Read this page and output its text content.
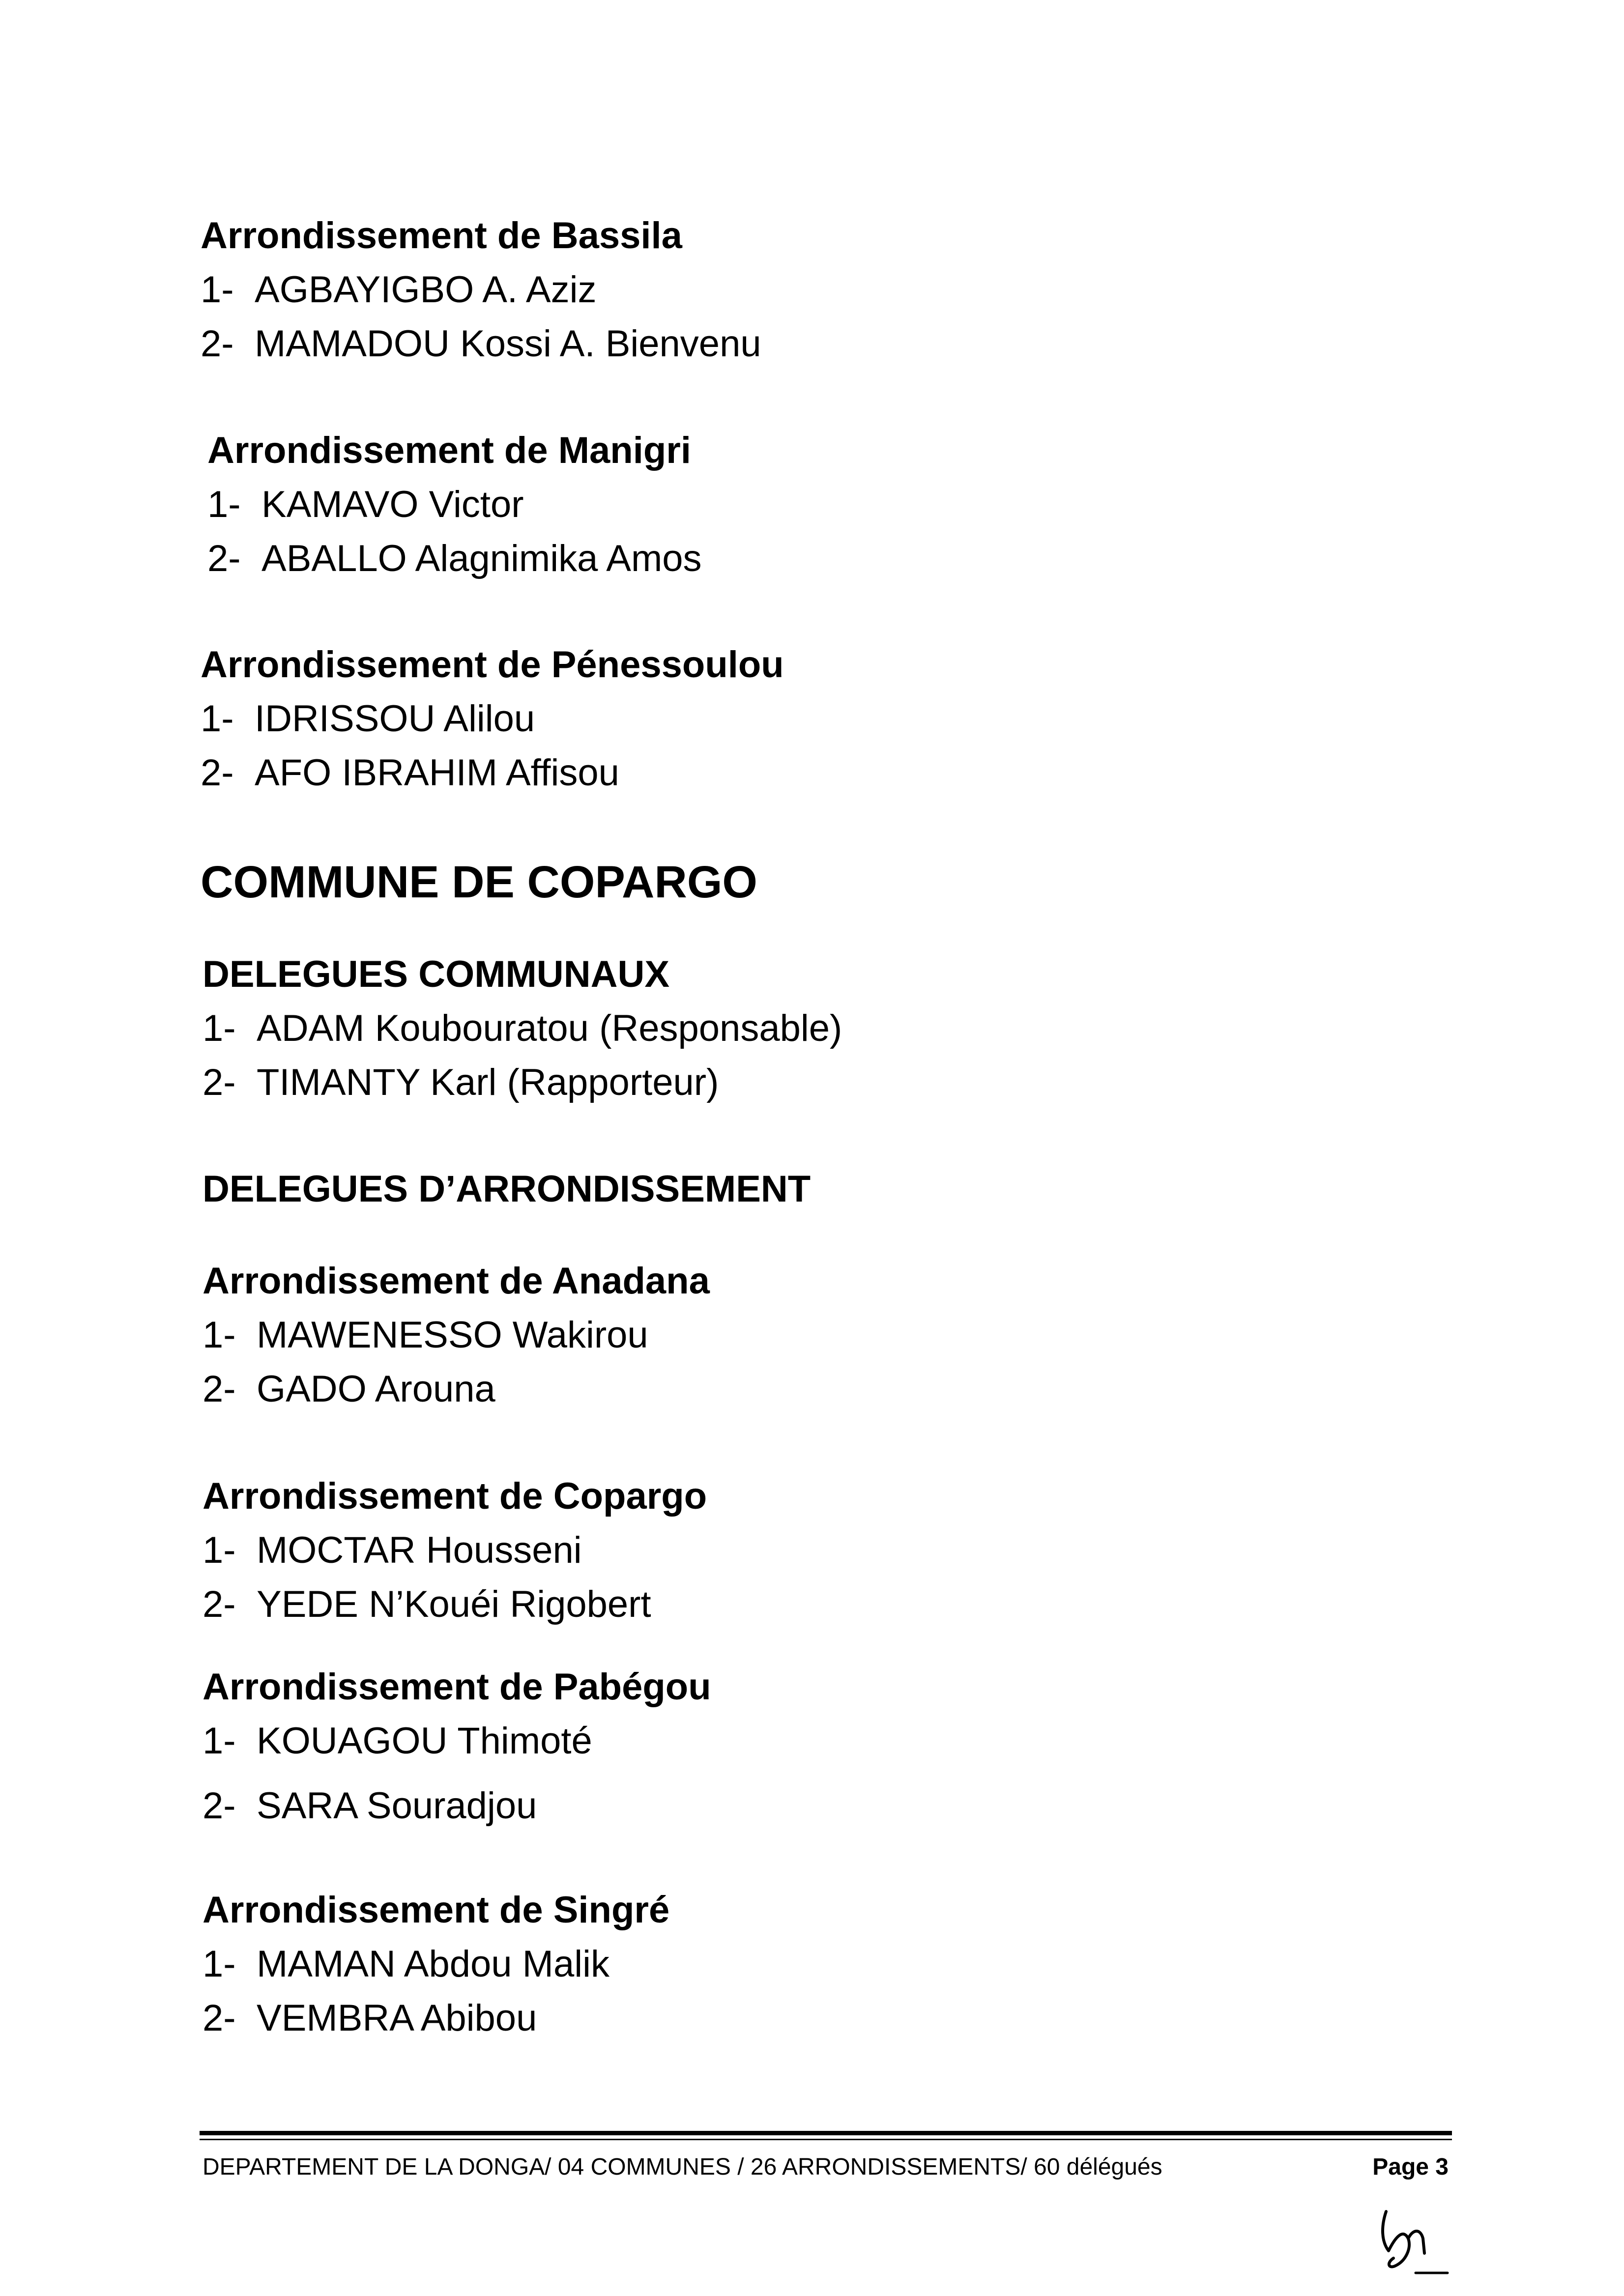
Arrondissement de Bassila
1- AGBAYIGBO A. Aziz
2- MAMADOU Kossi A. Bienvenu
Arrondissement de Manigri
1- KAMAVO Victor
2- ABALLO Alagnimika Amos
Arrondissement de Pénessoulou
1- IDRISSOU Alilou
2- AFO IBRAHIM Affisou
COMMUNE DE COPARGO
DELEGUES COMMUNAUX
1- ADAM Koubouratou (Responsable)
2- TIMANTY Karl (Rapporteur)
DELEGUES D’ARRONDISSEMENT
Arrondissement de Anadana
1- MAWENESSO Wakirou
2- GADO Arouna
Arrondissement de Copargo
1- MOCTAR Housseni
2- YEDE N’Kouéi Rigobert
Arrondissement de Pabégou
1- KOUAGOU Thimoté
2- SARA Souradjou
Arrondissement de Singré
1- MAMAN Abdou Malik
2- VEMBRA Abibou
DEPARTEMENT DE LA DONGA/ 04 COMMUNES / 26 ARRONDISSEMENTS/ 60 délégués	Page 3
